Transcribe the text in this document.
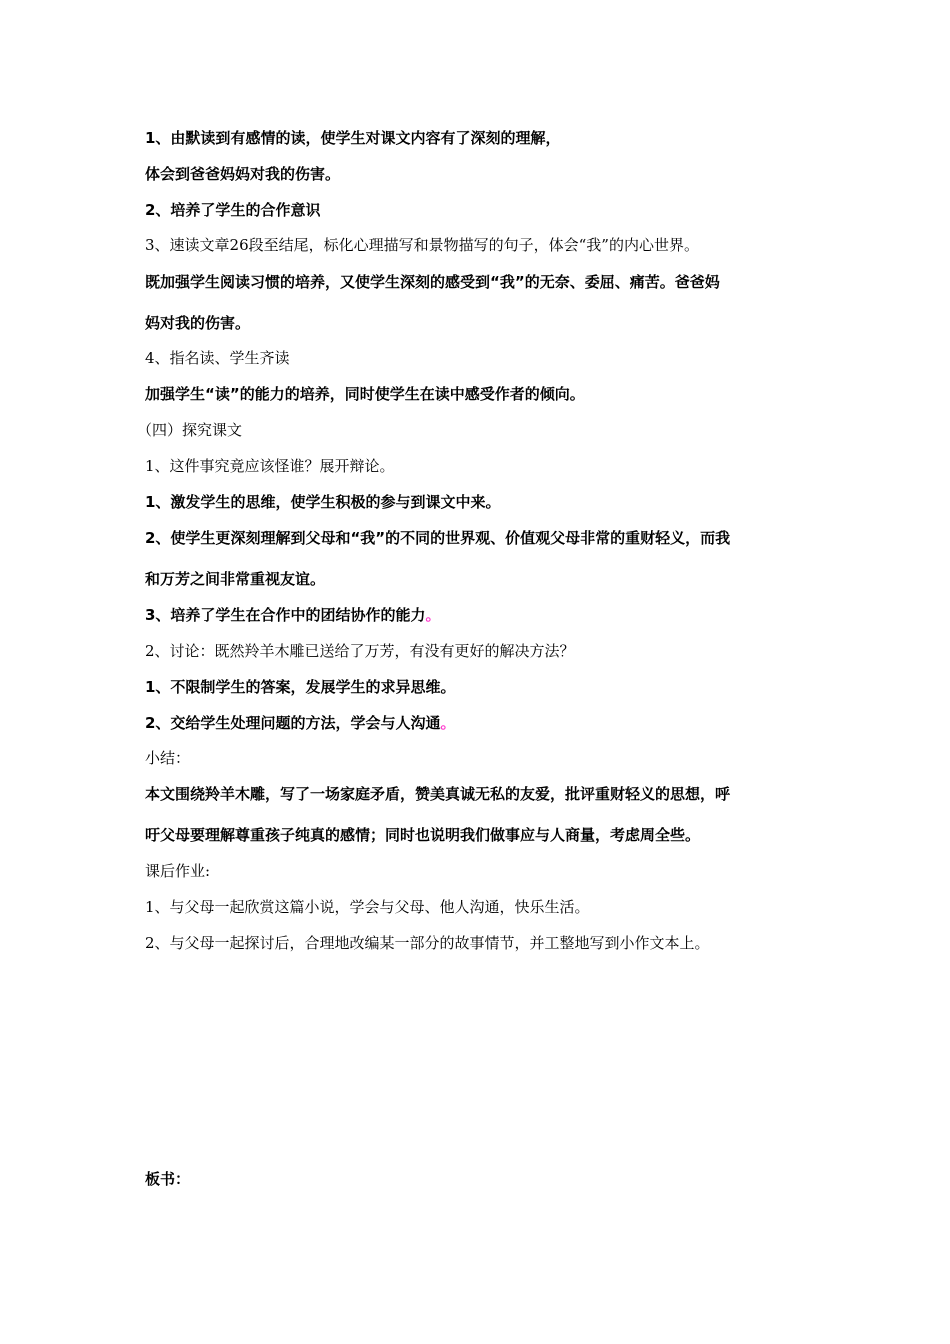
1、由默读到有感情的读，使学生对课文内容有了深刻的理解，

体会到爸爸妈妈对我的伤害。

2、培养了学生的合作意识

3、速读文章26段至结尾，标化心理描写和景物描写的句子，体会“我”的内心世界。

既加强学生阅读习惯的培养，又使学生深刻的感受到“我”的无奈、委屈、痛苦。爸爸妈

妈对我的伤害。

4、指名读、学生齐读

加强学生“读”的能力的培养，同时使学生在读中感受作者的倾向。

（四）探究课文

1、这件事究竟应该怪谁？展开辩论。

1、激发学生的思维，使学生积极的参与到课文中来。

2、使学生更深刻理解到父母和“我”的不同的世界观、价值观父母非常的重财轻义，而我

和万芳之间非常重视友谊。

3、培养了学生在合作中的团结协作的能力。

2、讨论：既然羚羊木雕已送给了万芳，有没有更好的解决方法？

1、不限制学生的答案，发展学生的求异思维。

2、交给学生处理问题的方法，学会与人沟通。

小结：

本文围绕羚羊木雕，写了一场家庭矛盾，赞美真诚无私的友爱，批评重财轻义的思想，呼

吁父母要理解尊重孩子纯真的感情；同时也说明我们做事应与人商量，考虑周全些。

课后作业:

1、与父母一起欣赏这篇小说，学会与父母、他人沟通，快乐生活。

2、与父母一起探讨后，合理地改编某一部分的故事情节，并工整地写到小作文本上。

板书：
